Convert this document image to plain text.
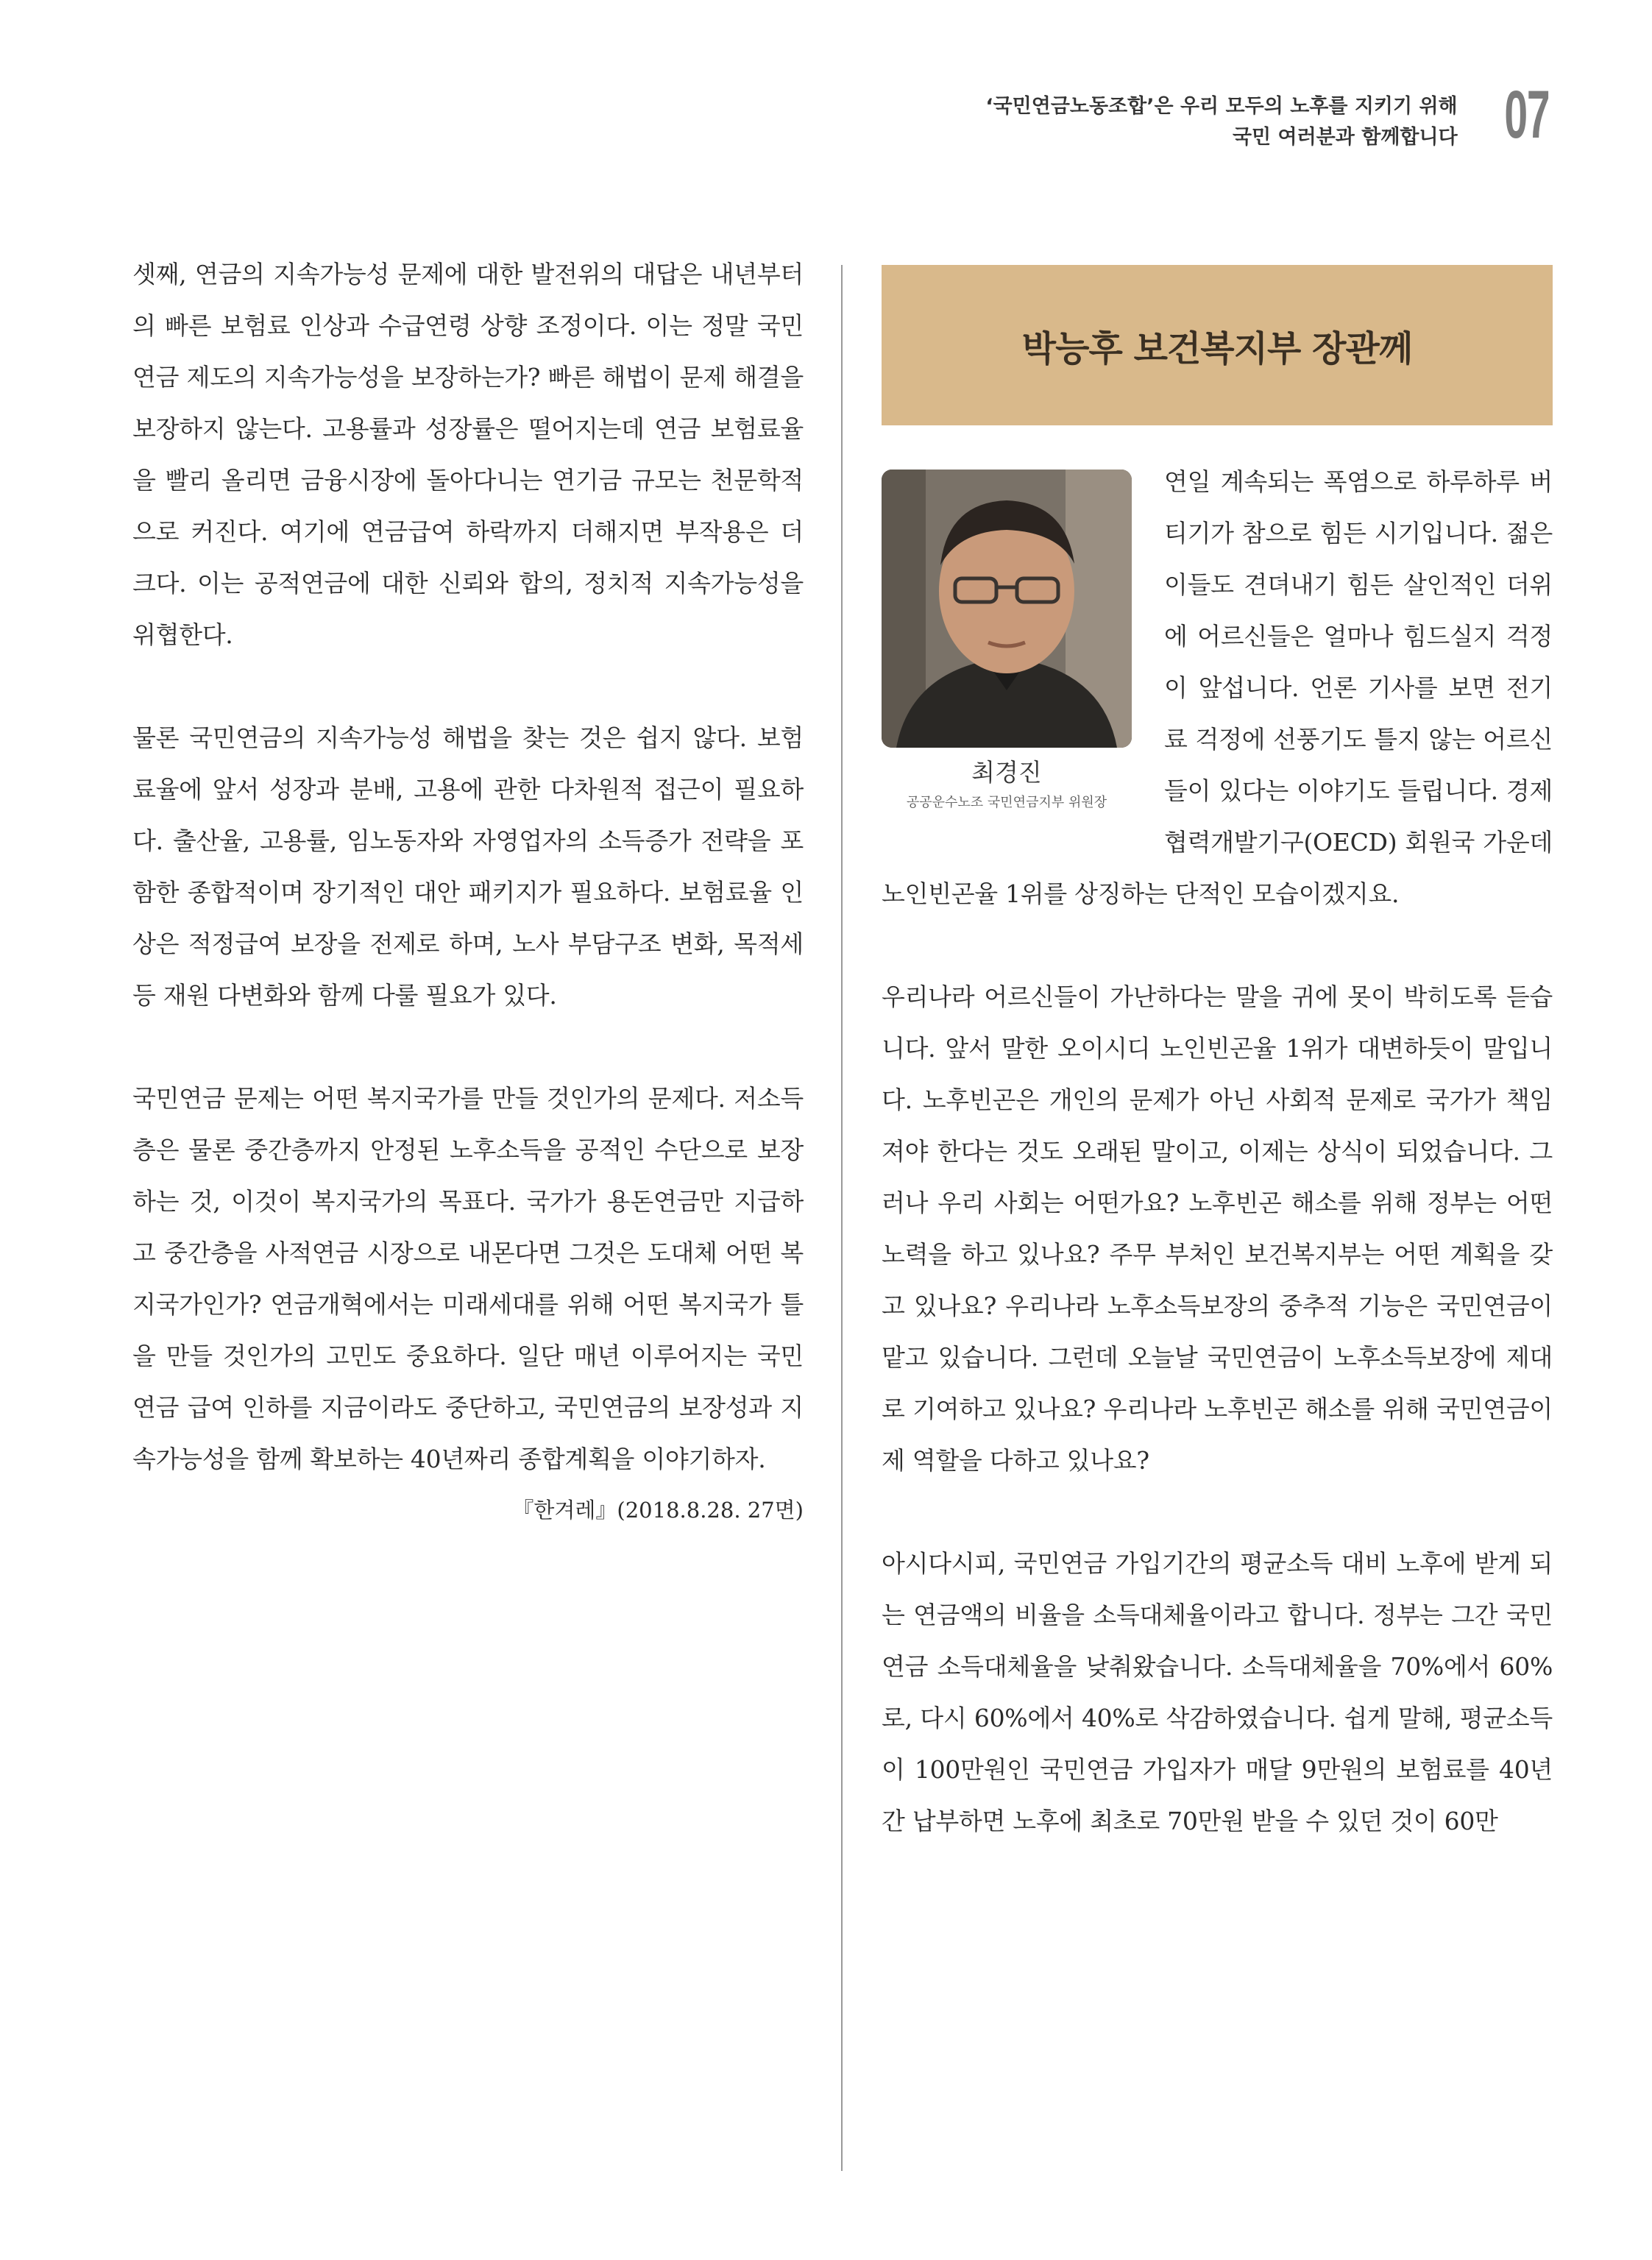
‘국민연금노동조합’은 우리 모두의 노후를 지키기 위해
국민 여러분과 함께합니다 07

셋째, 연금의 지속가능성 문제에 대한 발전위의 대답은 내년부터의 빠른 보험료 인상과 수급연령 상향 조정이다. 이는 정말 국민연금 제도의 지속가능성을 보장하는가? 빠른 해법이 문제 해결을 보장하지 않는다. 고용률과 성장률은 떨어지는데 연금 보험료율을 빨리 올리면 금융시장에 돌아다니는 연기금 규모는 천문학적으로 커진다. 여기에 연금급여 하락까지 더해지면 부작용은 더 크다. 이는 공적연금에 대한 신뢰와 합의, 정치적 지속가능성을 위협한다.

물론 국민연금의 지속가능성 해법을 찾는 것은 쉽지 않다. 보험료율에 앞서 성장과 분배, 고용에 관한 다차원적 접근이 필요하다. 출산율, 고용률, 임노동자와 자영업자의 소득증가 전략을 포함한 종합적이며 장기적인 대안 패키지가 필요하다. 보험료율 인상은 적정급여 보장을 전제로 하며, 노사 부담구조 변화, 목적세 등 재원 다변화와 함께 다룰 필요가 있다.

국민연금 문제는 어떤 복지국가를 만들 것인가의 문제다. 저소득층은 물론 중간층까지 안정된 노후소득을 공적인 수단으로 보장하는 것, 이것이 복지국가의 목표다. 국가가 용돈연금만 지급하고 중간층을 사적연금 시장으로 내몬다면 그것은 도대체 어떤 복지국가인가? 연금개혁에서는 미래세대를 위해 어떤 복지국가 틀을 만들 것인가의 고민도 중요하다. 일단 매년 이루어지는 국민연금 급여 인하를 지금이라도 중단하고, 국민연금의 보장성과 지속가능성을 함께 확보하는 40년짜리 종합계획을 이야기하자.

『한겨레』(2018.8.28. 27면)
박능후 보건복지부 장관께
최경진
공공운수노조 국민연금지부 위원장

연일 계속되는 폭염으로 하루하루 버티기가 참으로 힘든 시기입니다. 젊은이들도 견뎌내기 힘든 살인적인 더위에 어르신들은 얼마나 힘드실지 걱정이 앞섭니다. 언론 기사를 보면 전기료 걱정에 선풍기도 틀지 않는 어르신들이 있다는 이야기도 들립니다. 경제협력개발기구(OECD) 회원국 가운데 노인빈곤율 1위를 상징하는 단적인 모습이겠지요.

우리나라 어르신들이 가난하다는 말을 귀에 못이 박히도록 듣습니다. 앞서 말한 오이시디 노인빈곤율 1위가 대변하듯이 말입니다. 노후빈곤은 개인의 문제가 아닌 사회적 문제로 국가가 책임져야 한다는 것도 오래된 말이고, 이제는 상식이 되었습니다. 그러나 우리 사회는 어떤가요? 노후빈곤 해소를 위해 정부는 어떤 노력을 하고 있나요? 주무 부처인 보건복지부는 어떤 계획을 갖고 있나요? 우리나라 노후소득보장의 중추적 기능은 국민연금이 맡고 있습니다. 그런데 오늘날 국민연금이 노후소득보장에 제대로 기여하고 있나요? 우리나라 노후빈곤 해소를 위해 국민연금이 제 역할을 다하고 있나요?

아시다시피, 국민연금 가입기간의 평균소득 대비 노후에 받게 되는 연금액의 비율을 소득대체율이라고 합니다. 정부는 그간 국민연금 소득대체율을 낮춰왔습니다. 소득대체율을 70%에서 60%로, 다시 60%에서 40%로 삭감하였습니다. 쉽게 말해, 평균소득이 100만원인 국민연금 가입자가 매달 9만원의 보험료를 40년간 납부하면 노후에 최초로 70만원 받을 수 있던 것이 60만
